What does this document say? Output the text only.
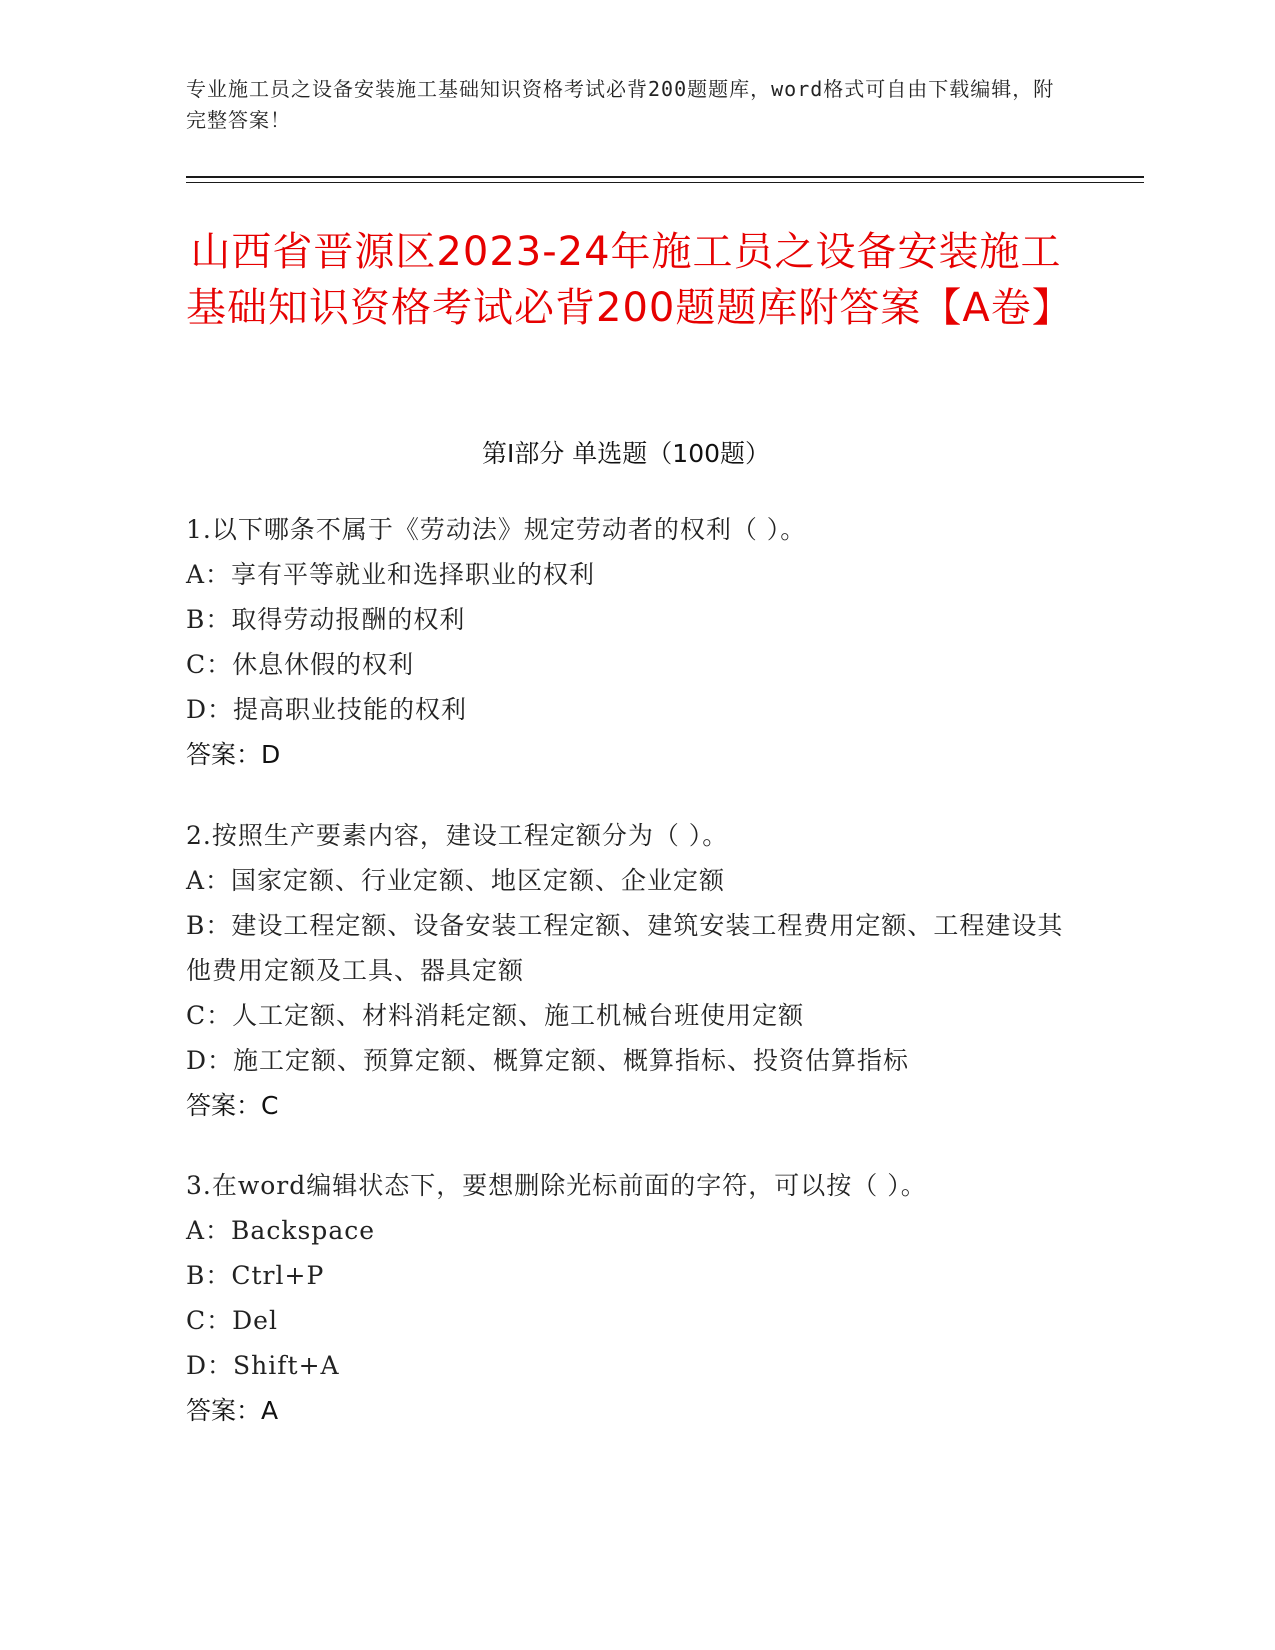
专业施工员之设备安装施工基础知识资格考试必背200题题库，word格式可自由下载编辑，附完整答案！
山西省晋源区2023-24年施工员之设备安装施工基础知识资格考试必背200题题库附答案【A卷】
第I部分 单选题（100题）
1.以下哪条不属于《劳动法》规定劳动者的权利（ ）。
A：享有平等就业和选择职业的权利
B：取得劳动报酬的权利
C：休息休假的权利
D：提高职业技能的权利
答案：D
2.按照生产要素内容，建设工程定额分为（ ）。
A：国家定额、行业定额、地区定额、企业定额
B：建设工程定额、设备安装工程定额、建筑安装工程费用定额、工程建设其他费用定额及工具、器具定额
C：人工定额、材料消耗定额、施工机械台班使用定额
D：施工定额、预算定额、概算定额、概算指标、投资估算指标
答案：C
3.在word编辑状态下，要想删除光标前面的字符，可以按（ ）。
A：Backspace
B：Ctrl+P
C：Del
D：Shift+A
答案：A
